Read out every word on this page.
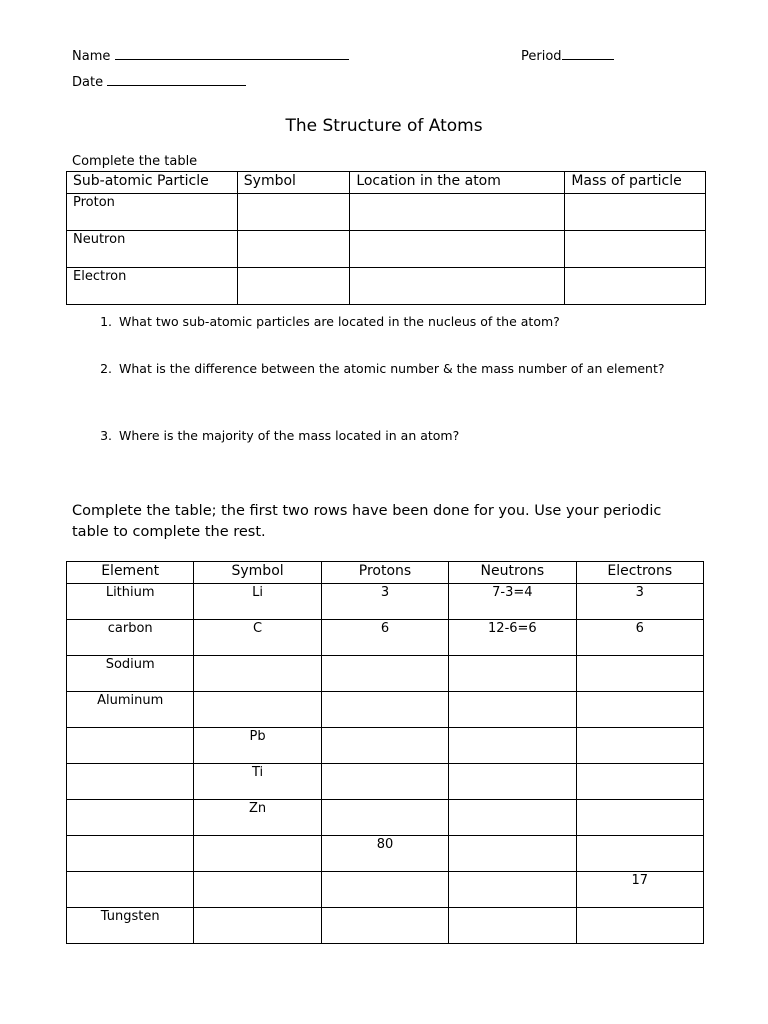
Name	Period
Date
The Structure of Atoms
Complete the table
Sub-atomic Particle	Symbol	Location in the atom	Mass of particle
Proton			
Neutron			
Electron			
1. What two sub-atomic particles are located in the nucleus of the atom?
2. What is the difference between the atomic number & the mass number of an element?
3. Where is the majority of the mass located in an atom?
Complete the table; the first two rows have been done for you. Use your periodic table to complete the rest.
Element	Symbol	Protons	Neutrons	Electrons
Lithium	Li	3	7-3=4	3
carbon	C	6	12-6=6	6
Sodium				
Aluminum				
	Pb			
	Ti			
	Zn			
		80		
				17
Tungsten				
